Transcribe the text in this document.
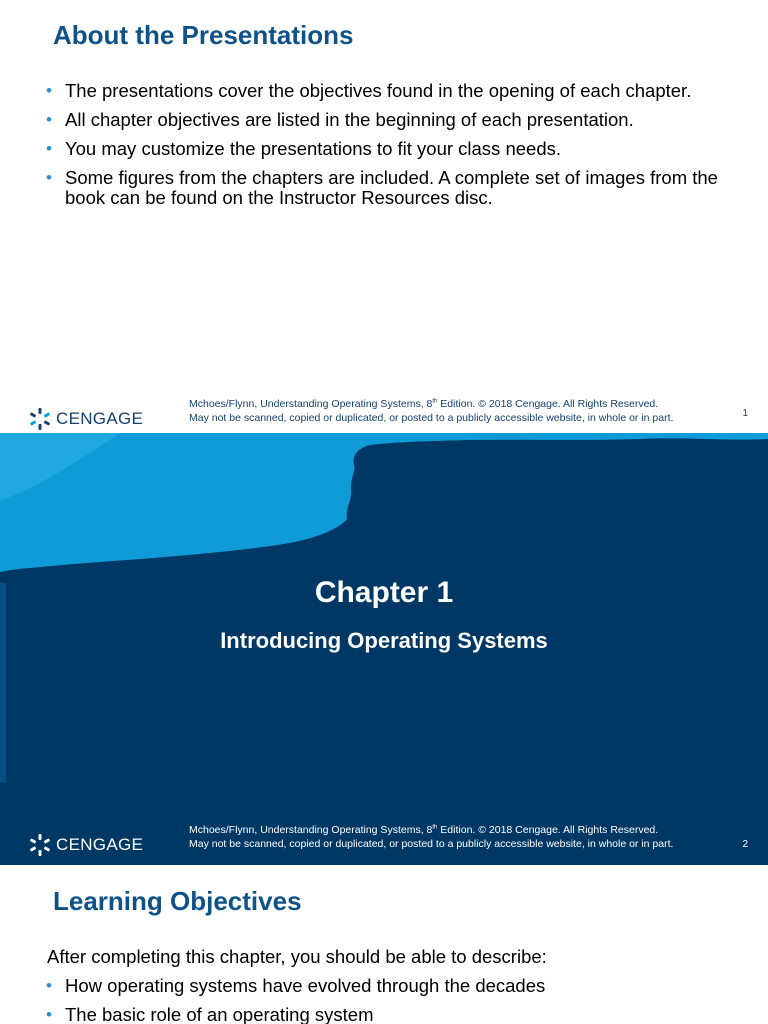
About the Presentations
• The presentations cover the objectives found in the opening of each chapter.
• All chapter objectives are listed in the beginning of each presentation.
• You may customize the presentations to fit your class needs.
• Some figures from the chapters are included. A complete set of images from the book can be found on the Instructor Resources disc.
CENGAGE
Mchoes/Flynn, Understanding Operating Systems, 8th Edition. © 2018 Cengage. All Rights Reserved.
May not be scanned, copied or duplicated, or posted to a publicly accessible website, in whole or in part.	1
Chapter 1
Introducing Operating Systems
CENGAGE
Mchoes/Flynn, Understanding Operating Systems, 8th Edition. © 2018 Cengage. All Rights Reserved.
May not be scanned, copied or duplicated, or posted to a publicly accessible website, in whole or in part.	2
Learning Objectives

After completing this chapter, you should be able to describe:

• How operating systems have evolved through the decades
• The basic role of an operating system
